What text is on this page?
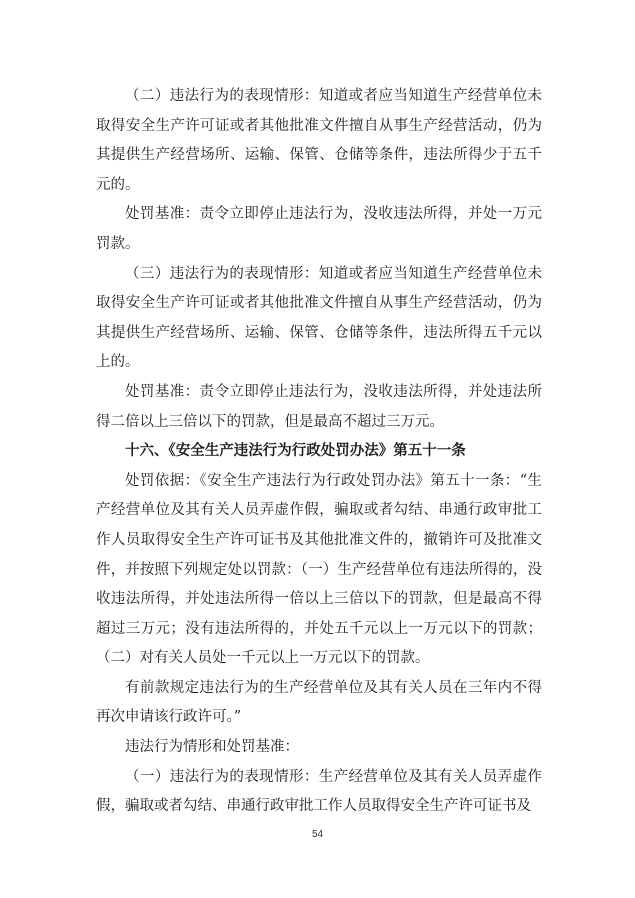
（二）违法行为的表现情形：知道或者应当知道生产经营单位未取得安全生产许可证或者其他批准文件擅自从事生产经营活动，仍为其提供生产经营场所、运输、保管、仓储等条件，违法所得少于五千元的。

处罚基准：责令立即停止违法行为，没收违法所得，并处一万元罚款。

（三）违法行为的表现情形：知道或者应当知道生产经营单位未取得安全生产许可证或者其他批准文件擅自从事生产经营活动，仍为其提供生产经营场所、运输、保管、仓储等条件，违法所得五千元以上的。

处罚基准：责令立即停止违法行为，没收违法所得，并处违法所得二倍以上三倍以下的罚款，但是最高不超过三万元。

十六、《安全生产违法行为行政处罚办法》第五十一条

处罚依据：《安全生产违法行为行政处罚办法》第五十一条：“生产经营单位及其有关人员弄虚作假，骗取或者勾结、串通行政审批工作人员取得安全生产许可证书及其他批准文件的，撤销许可及批准文件，并按照下列规定处以罚款：（一）生产经营单位有违法所得的，没收违法所得，并处违法所得一倍以上三倍以下的罚款，但是最高不得超过三万元；没有违法所得的，并处五千元以上一万元以下的罚款；（二）对有关人员处一千元以上一万元以下的罚款。

有前款规定违法行为的生产经营单位及其有关人员在三年内不得再次申请该行政许可。”

违法行为情形和处罚基准：

（一）违法行为的表现情形：生产经营单位及其有关人员弄虚作假，骗取或者勾结、串通行政审批工作人员取得安全生产许可证书及

54
